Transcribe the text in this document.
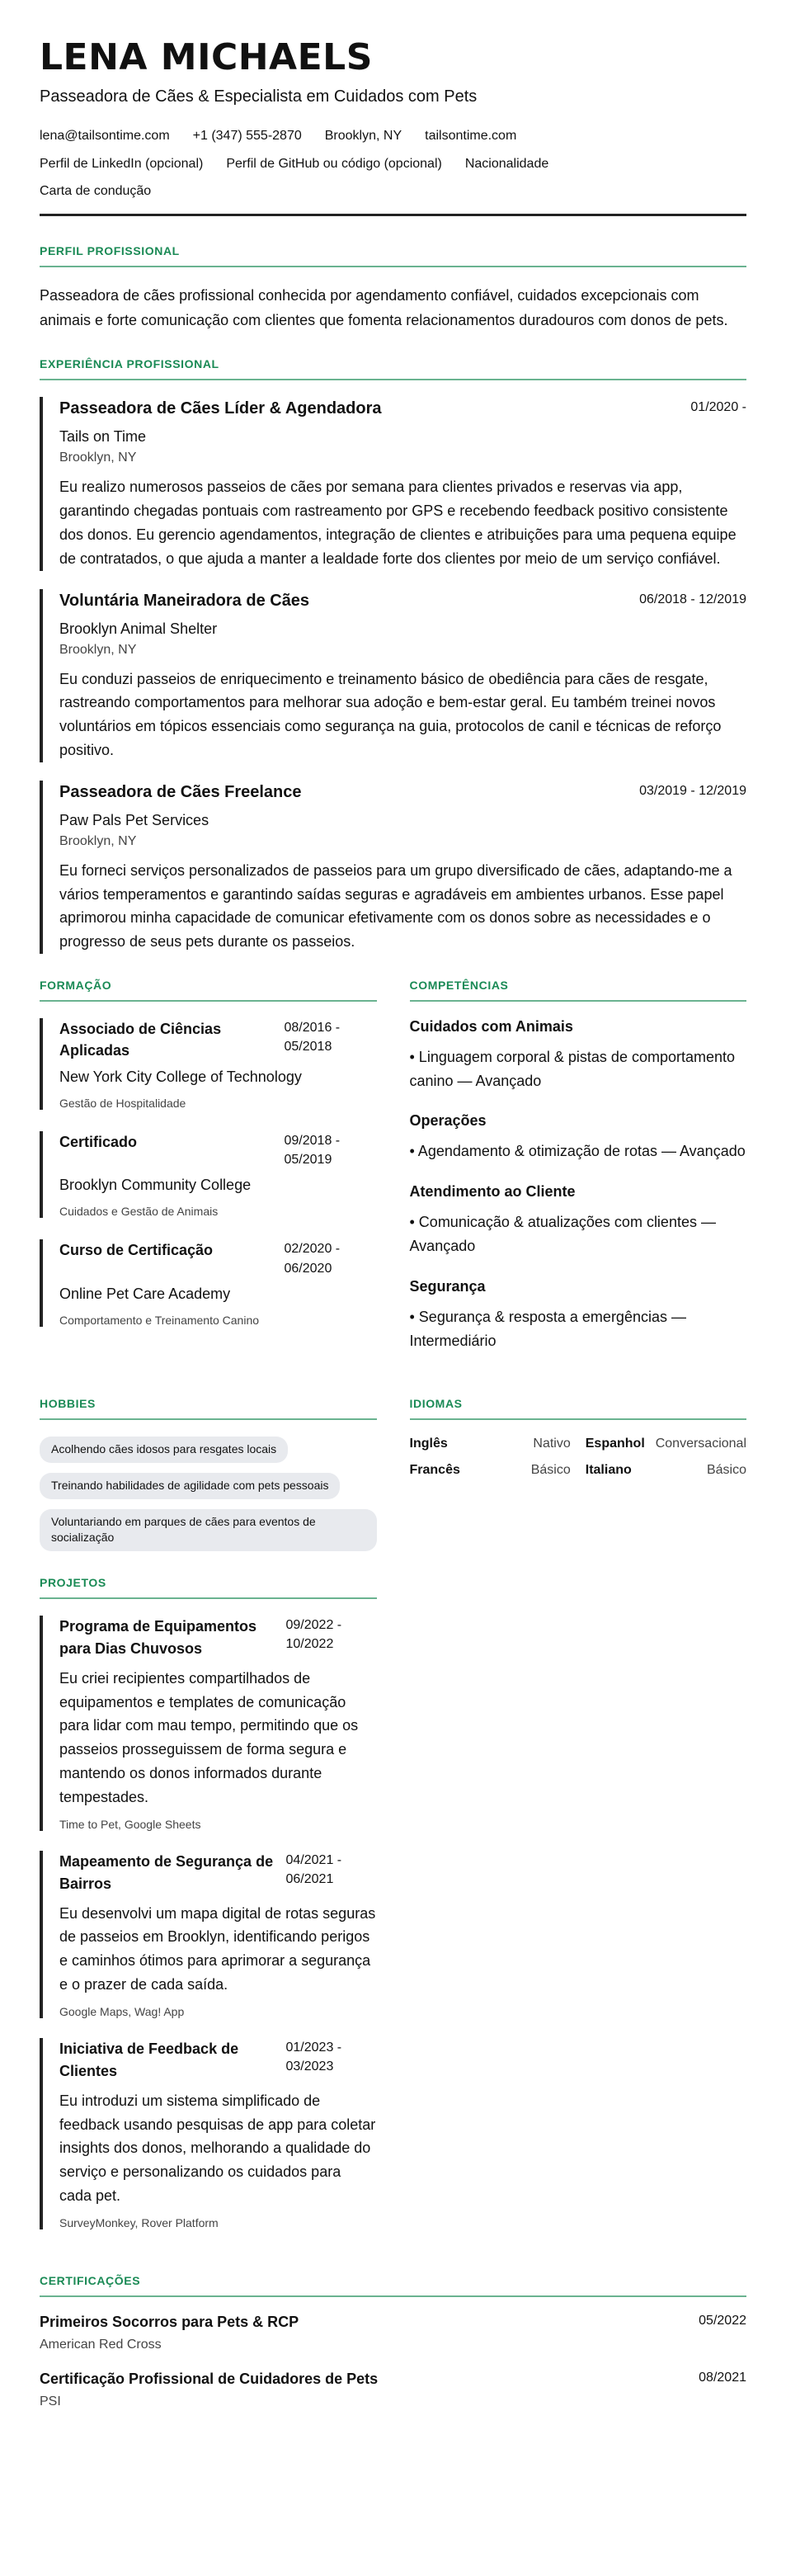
LENA MICHAELS
Passeadora de Cães & Especialista em Cuidados com Pets
lena@tailsontime.com +1 (347) 555-2870 Brooklyn, NY tailsontime.com
Perfil de LinkedIn (opcional) Perfil de GitHub ou código (opcional) Nacionalidade
Carta de condução
PERFIL PROFISSIONAL

Passeadora de cães profissional conhecida por agendamento confiável, cuidados excepcionais com animais e forte comunicação com clientes que fomenta relacionamentos duradouros com donos de pets.

EXPERIÊNCIA PROFISSIONAL
Passeadora de Cães Líder & Agendadora	01/2020 -
Tails on Time
Brooklyn, NY
Eu realizo numerosos passeios de cães por semana para clientes privados e reservas via app, garantindo chegadas pontuais com rastreamento por GPS e recebendo feedback positivo consistente dos donos. Eu gerencio agendamentos, integração de clientes e atribuições para uma pequena equipe de contratados, o que ajuda a manter a lealdade forte dos clientes por meio de um serviço confiável.
Voluntária Maneiradora de Cães	06/2018 - 12/2019
Brooklyn Animal Shelter
Brooklyn, NY
Eu conduzi passeios de enriquecimento e treinamento básico de obediência para cães de resgate, rastreando comportamentos para melhorar sua adoção e bem-estar geral. Eu também treinei novos voluntários em tópicos essenciais como segurança na guia, protocolos de canil e técnicas de reforço positivo.
Passeadora de Cães Freelance	03/2019 - 12/2019
Paw Pals Pet Services
Brooklyn, NY
Eu forneci serviços personalizados de passeios para um grupo diversificado de cães, adaptando-me a vários temperamentos e garantindo saídas seguras e agradáveis em ambientes urbanos. Esse papel aprimorou minha capacidade de comunicar efetivamente com os donos sobre as necessidades e o progresso de seus pets durante os passeios.
FORMAÇÃO
Associado de Ciências Aplicadas
08/2016 - 05/2018
New York City College of Technology
Gestão de Hospitalidade
Certificado	09/2018 - 05/2019
Brooklyn Community College
Cuidados e Gestão de Animais
Curso de Certificação	02/2020 - 06/2020
Online Pet Care Academy
Comportamento e Treinamento Canino
COMPETÊNCIAS
Cuidados com Animais
• Linguagem corporal & pistas de comportamento canino — Avançado
Operações
• Agendamento & otimização de rotas — Avançado
Atendimento ao Cliente
• Comunicação & atualizações com clientes — Avançado
Segurança
• Segurança & resposta a emergências — Intermediário
HOBBIES
Acolhendo cães idosos para resgates locais
Treinando habilidades de agilidade com pets pessoais
Voluntariando em parques de cães para eventos de socialização
IDIOMAS
Inglês	Nativo Espanhol Conversacional
Francês	Básico Italiano	Básico
PROJETOS
Programa de Equipamentos para Dias Chuvosos
09/2022 - 10/2022
Eu criei recipientes compartilhados de equipamentos e templates de comunicação para lidar com mau tempo, permitindo que os passeios prosseguissem de forma segura e mantendo os donos informados durante tempestades.
Time to Pet, Google Sheets
Mapeamento de Segurança de Bairros
04/2021 - 06/2021
Eu desenvolvi um mapa digital de rotas seguras de passeios em Brooklyn, identificando perigos e caminhos ótimos para aprimorar a segurança e o prazer de cada saída.
Google Maps, Wag! App
Iniciativa de Feedback de Clientes
01/2023 - 03/2023
Eu introduzi um sistema simplificado de feedback usando pesquisas de app para coletar insights dos donos, melhorando a qualidade do serviço e personalizando os cuidados para cada pet.
SurveyMonkey, Rover Platform
CERTIFICAÇÕES
Primeiros Socorros para Pets & RCP	05/2022
American Red Cross
Certificação Profissional de Cuidadores de Pets	08/2021
PSI
